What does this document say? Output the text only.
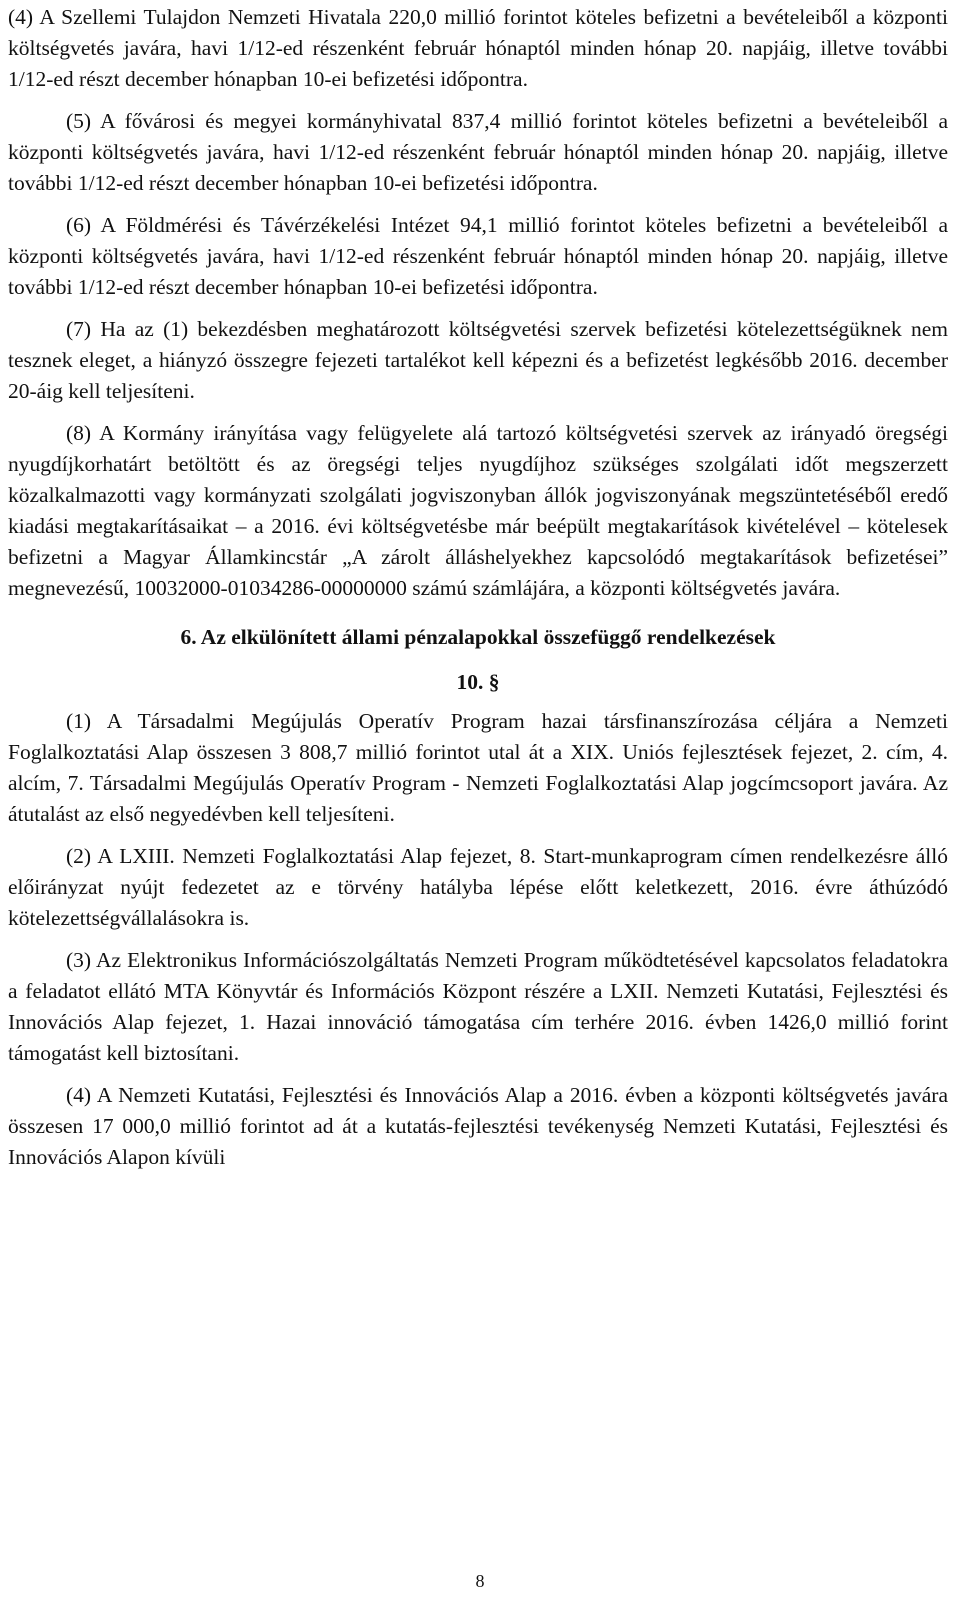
(4) A Szellemi Tulajdon Nemzeti Hivatala 220,0 millió forintot köteles befizetni a bevételeiből a központi költségvetés javára, havi 1/12-ed részenként február hónaptól minden hónap 20. napjáig, illetve további 1/12-ed részt december hónapban 10-ei befizetési időpontra.

(5) A fővárosi és megyei kormányhivatal 837,4 millió forintot köteles befizetni a bevételeiből a központi költségvetés javára, havi 1/12-ed részenként február hónaptól minden hónap 20. napjáig, illetve további 1/12-ed részt december hónapban 10-ei befizetési időpontra.

(6) A Földmérési és Távérzékelési Intézet 94,1 millió forintot köteles befizetni a bevételeiből a központi költségvetés javára, havi 1/12-ed részenként február hónaptól minden hónap 20. napjáig, illetve további 1/12-ed részt december hónapban 10-ei befizetési időpontra.

(7) Ha az (1) bekezdésben meghatározott költségvetési szervek befizetési kötelezettségüknek nem tesznek eleget, a hiányzó összegre fejezeti tartalékot kell képezni és a befizetést legkésőbb 2016. december 20-áig kell teljesíteni.

(8) A Kormány irányítása vagy felügyelete alá tartozó költségvetési szervek az irányadó öregségi nyugdíjkorhatárt betöltött és az öregségi teljes nyugdíjhoz szükséges szolgálati időt megszerzett közalkalmazotti vagy kormányzati szolgálati jogviszonyban állók jogviszonyának megszüntetéséből eredő kiadási megtakarításaikat – a 2016. évi költségvetésbe már beépült megtakarítások kivételével – kötelesek befizetni a Magyar Államkincstár „A zárolt álláshelyekhez kapcsolódó megtakarítások befizetései” megnevezésű, 10032000-01034286-00000000 számú számlájára, a központi költségvetés javára.

6. Az elkülönített állami pénzalapokkal összefüggő rendelkezések
10. §

(1) A Társadalmi Megújulás Operatív Program hazai társfinanszírozása céljára a Nemzeti Foglalkoztatási Alap összesen 3 808,7 millió forintot utal át a XIX. Uniós fejlesztések fejezet, 2. cím, 4. alcím, 7. Társadalmi Megújulás Operatív Program - Nemzeti Foglalkoztatási Alap jogcímcsoport javára. Az átutalást az első negyedévben kell teljesíteni.

(2) A LXIII. Nemzeti Foglalkoztatási Alap fejezet, 8. Start-munkaprogram címen rendelkezésre álló előirányzat nyújt fedezetet az e törvény hatályba lépése előtt keletkezett, 2016. évre áthúzódó kötelezettségvállalásokra is.

(3) Az Elektronikus Információszolgáltatás Nemzeti Program működtetésével kapcsolatos feladatokra a feladatot ellátó MTA Könyvtár és Információs Központ részére a LXII. Nemzeti Kutatási, Fejlesztési és Innovációs Alap fejezet, 1. Hazai innováció támogatása cím terhére 2016. évben 1426,0 millió forint támogatást kell biztosítani.

(4) A Nemzeti Kutatási, Fejlesztési és Innovációs Alap a 2016. évben a központi költségvetés javára összesen 17 000,0 millió forintot ad át a kutatás-fejlesztési tevékenység Nemzeti Kutatási, Fejlesztési és Innovációs Alapon kívüli

8
